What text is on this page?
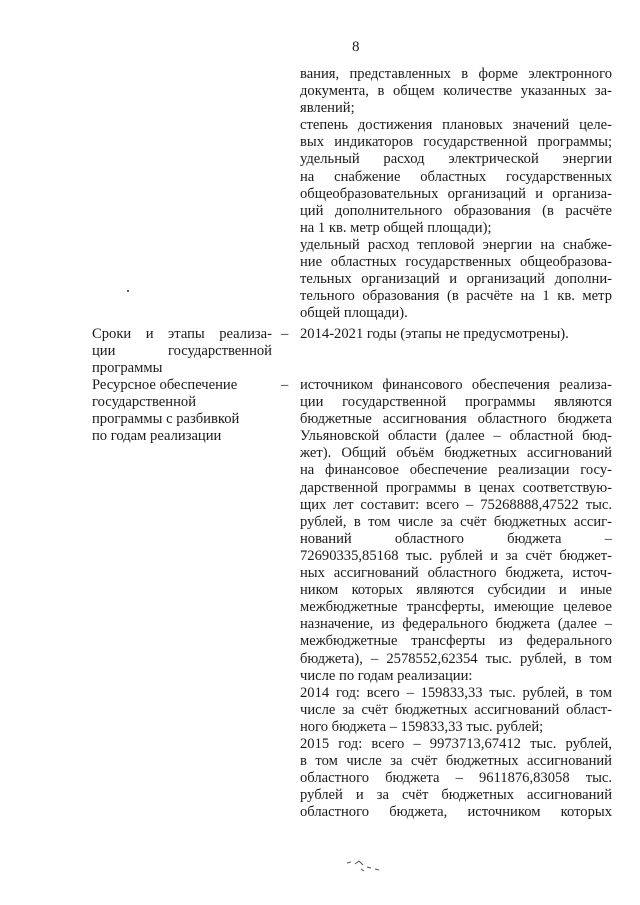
8

вания, представленных в форме электронного

документа, в общем количестве указанных за-

явлений;

степень достижения плановых значений целе-

вых индикаторов государственной программы;

удельный расход электрической энергии

на снабжение областных государственных

общеобразовательных организаций и организа-

ций дополнительного образования (в расчёте

на 1 кв. метр общей площади);

удельный расход тепловой энергии на снабже-

ние областных государственных общеобразова-

тельных организаций и организаций дополни-

тельного образования (в расчёте на 1 кв. метр

общей площади).

Сроки и этапы реализа-

ции государственной

программы

– 2014-2021 годы (этапы не предусмотрены).

Ресурсное обеспечение

государственной

программы с разбивкой

по годам реализации

– источником финансового обеспечения реализа-

ции государственной программы являются

бюджетные ассигнования областного бюджета

Ульяновской области (далее – областной бюд-

жет). Общий объём бюджетных ассигнований

на финансовое обеспечение реализации госу-

дарственной программы в ценах соответствую-

щих лет составит: всего – 75268888,47522 тыс.

рублей, в том числе за счёт бюджетных ассиг-

нований областного бюджета –

72690335,85168 тыс. рублей и за счёт бюджет-

ных ассигнований областного бюджета, источ-

ником которых являются субсидии и иные

межбюджетные трансферты, имеющие целевое

назначение, из федерального бюджета (далее –

межбюджетные трансферты из федерального

бюджета), – 2578552,62354 тыс. рублей, в том

числе по годам реализации:

2014 год: всего – 159833,33 тыс. рублей, в том

числе за счёт бюджетных ассигнований област-

ного бюджета – 159833,33 тыс. рублей;

2015 год: всего – 9973713,67412 тыс. рублей,

в том числе за счёт бюджетных ассигнований

областного бюджета – 9611876,83058 тыс.

рублей и за счёт бюджетных ассигнований

областного бюджета, источником которых
